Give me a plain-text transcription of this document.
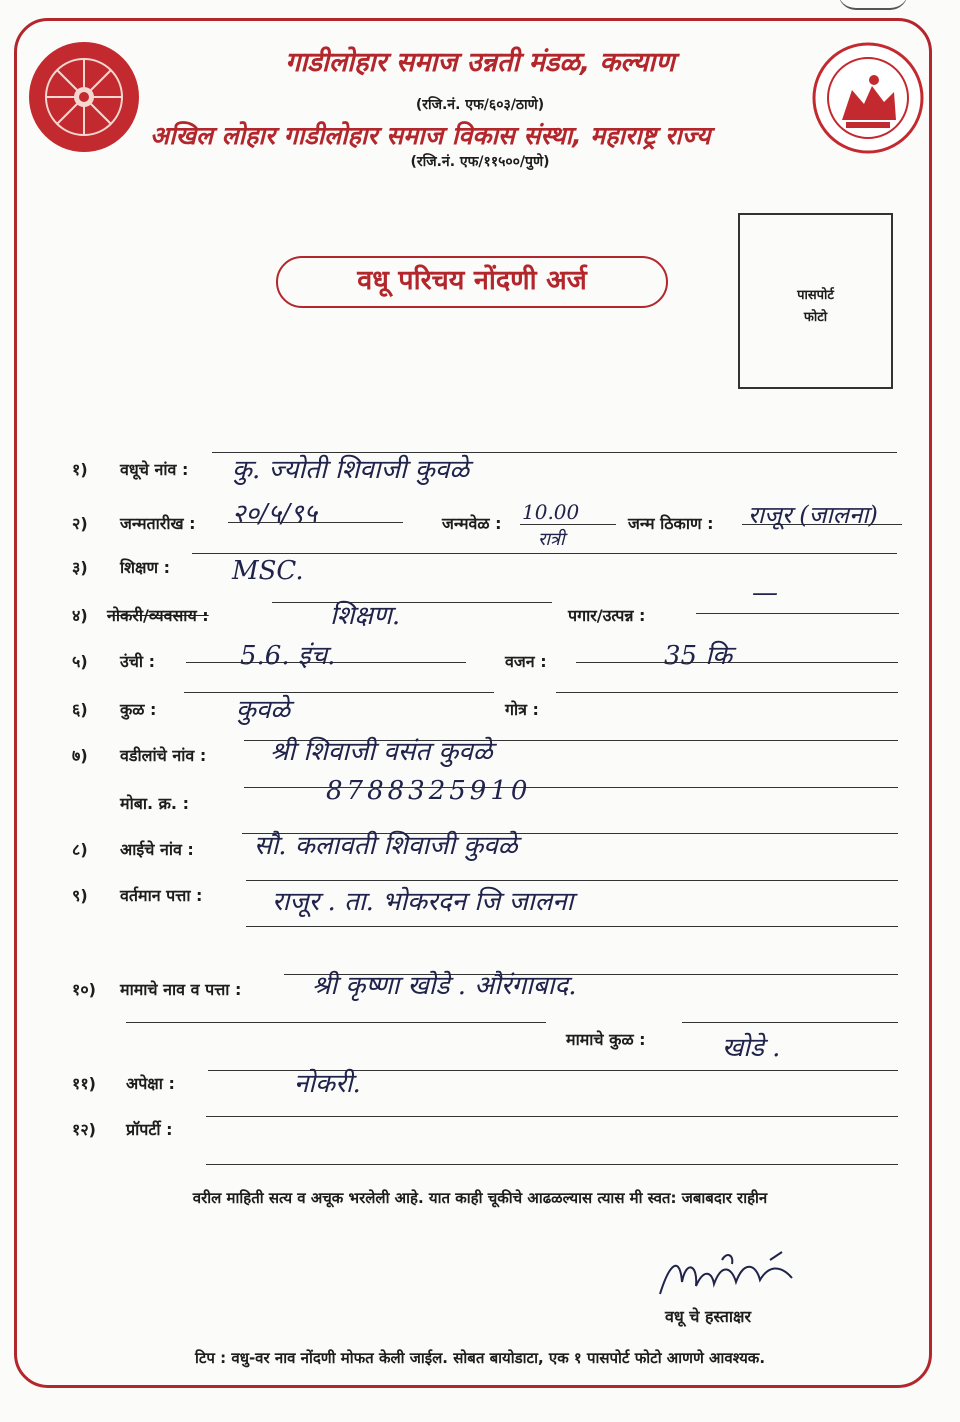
गाडीलोहार समाज उन्नती मंडळ, कल्याण
(रजि.नं. एफ/६०३/ठाणे)
अखिल लोहार गाडीलोहार समाज विकास संस्था, महाराष्ट्र राज्य
(रजि.नं. एफ/११५००/पुणे)
पासपोर्ट
फोटो
वधू परिचय नोंदणी अर्ज
१) वधूचे नांव : कु. ज्योती शिवाजी कुवळे
२) जन्मतारीख : २०/५/९५	जन्मवेळ : 10.00
रात्री
जन्म ठिकाण : राजूर (जालना)
३) शिक्षण : MSC.
४) नोकरी/व्यवसाय :	शिक्षण.	पगार/उत्पन्न :
—
५) उंची :	5.6. इंच.	वजन :	35 कि
६) कुळ :	कुवळे	गोत्र :
७) वडीलांचे नांव : श्री शिवाजी वसंत कुवळे
मोबा. क्र. :	8788325910
८) आईचे नांव : सौ. कलावती शिवाजी कुवळे
९) वर्तमान पत्ता :	राजूर . ता. भोकरदन जि जालना
१०) मामाचे नाव व पत्ता :	श्री कृष्णा खोडे . औरंगाबाद.
मामाचे कुळ :	खोडे .
११) अपेक्षा :	नोकरी.
१२) प्रॉपर्टी :
वरील माहिती सत्य व अचूक भरलेली आहे. यात काही चूकीचे आढळल्यास त्यास मी स्वत: जबाबदार राहीन
वधू चे हस्ताक्षर
टिप : वधु-वर नाव नोंदणी मोफत केली जाईल. सोबत बायोडाटा, एक १ पासपोर्ट फोटो आणणे आवश्यक.
